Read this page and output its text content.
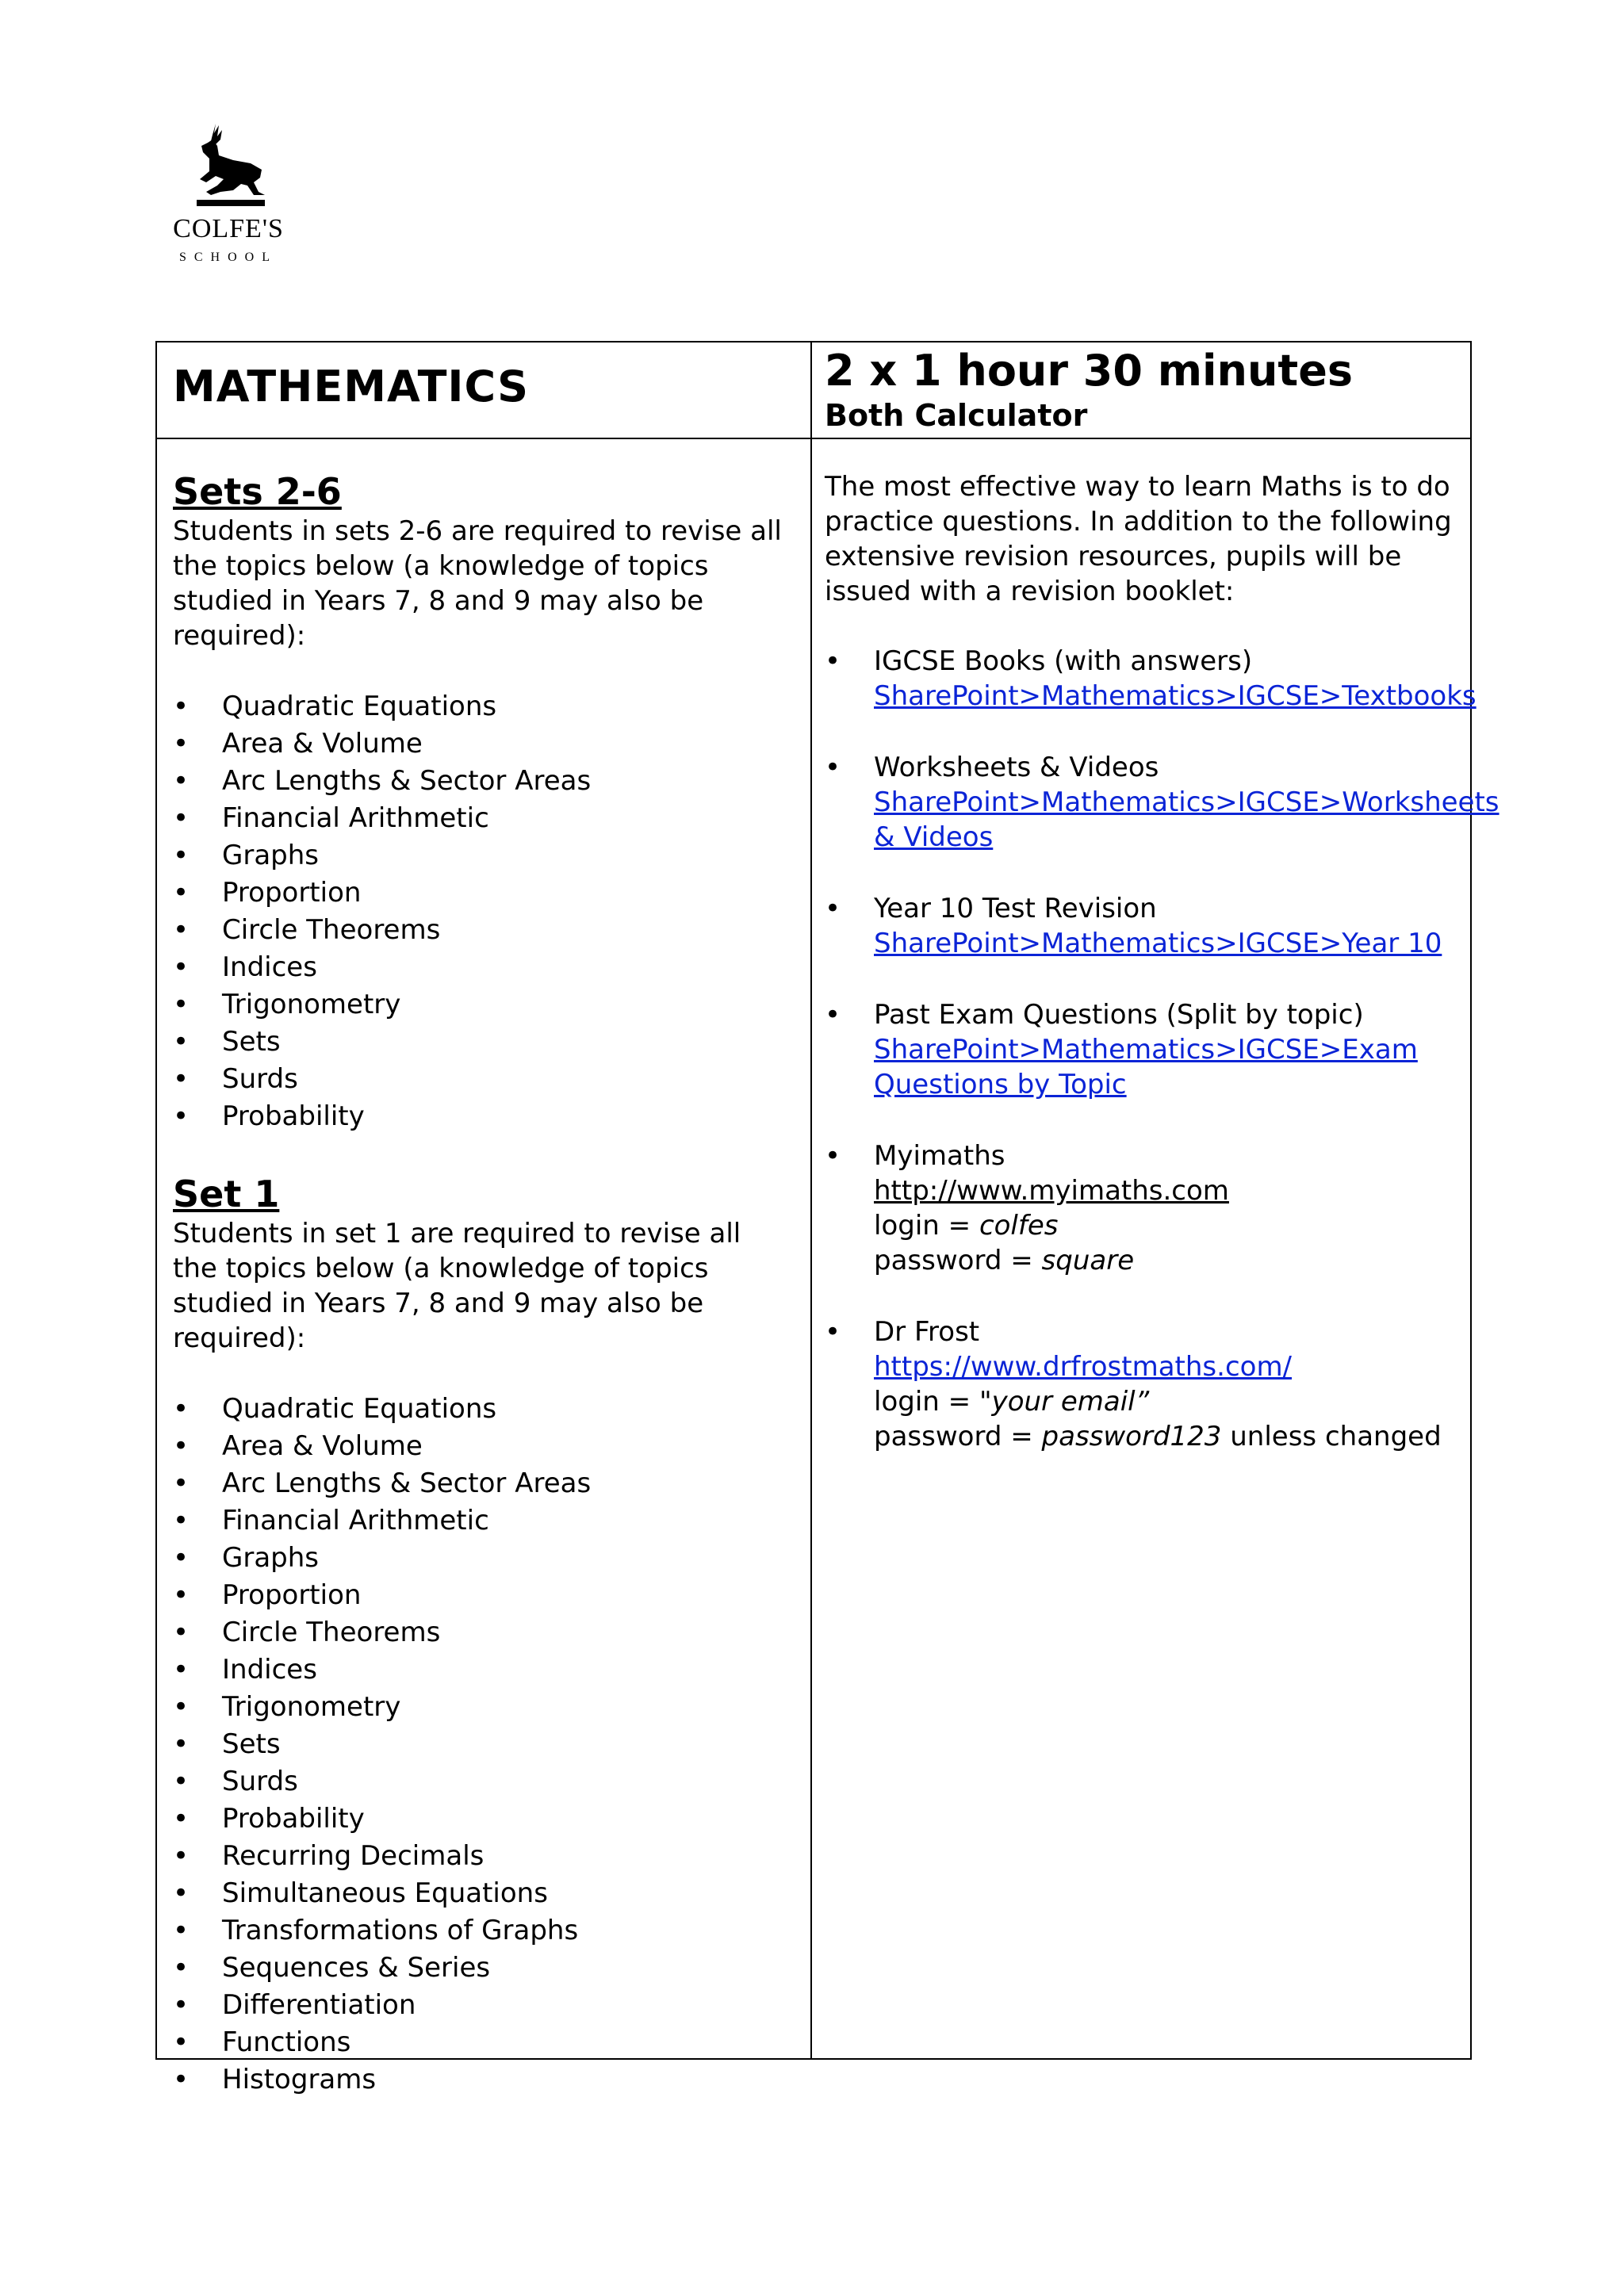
COLFE'S
SCHOOL
MATHEMATICS	2 x 1 hour 30 minutes
Both Calculator
Sets 2-6

Students in sets 2-6 are required to revise all the topics below (a knowledge of topics studied in Years 7, 8 and 9 may also be required):

• Quadratic Equations
• Area & Volume
• Arc Lengths & Sector Areas
• Financial Arithmetic
• Graphs
• Proportion
• Circle Theorems
• Indices
• Trigonometry
• Sets
• Surds
• Probability
Set 1

Students in set 1 are required to revise all the topics below (a knowledge of topics studied in Years 7, 8 and 9 may also be required):

• Quadratic Equations
• Area & Volume
• Arc Lengths & Sector Areas
• Financial Arithmetic
• Graphs
• Proportion
• Circle Theorems
• Indices
• Trigonometry
• Sets
• Surds
• Probability
• Recurring Decimals
• Simultaneous Equations
• Transformations of Graphs
• Sequences & Series
• Differentiation
• Functions
• Histograms

The most effective way to learn Maths is to do practice questions. In addition to the following extensive revision resources, pupils will be issued with a revision booklet:

• IGCSE Books (with answers)
SharePoint>Mathematics>IGCSE>Textbooks
• Worksheets & Videos
SharePoint>Mathematics>IGCSE>Worksheets & Videos
• Year 10 Test Revision
SharePoint>Mathematics>IGCSE>Year 10
• Past Exam Questions (Split by topic)
SharePoint>Mathematics>IGCSE>Exam Questions by Topic
• Myimaths
http://www.myimaths.com
login = colfes
password = square
• Dr Frost
https://www.drfrostmaths.com/
login = "your email”
password = password123 unless changed
